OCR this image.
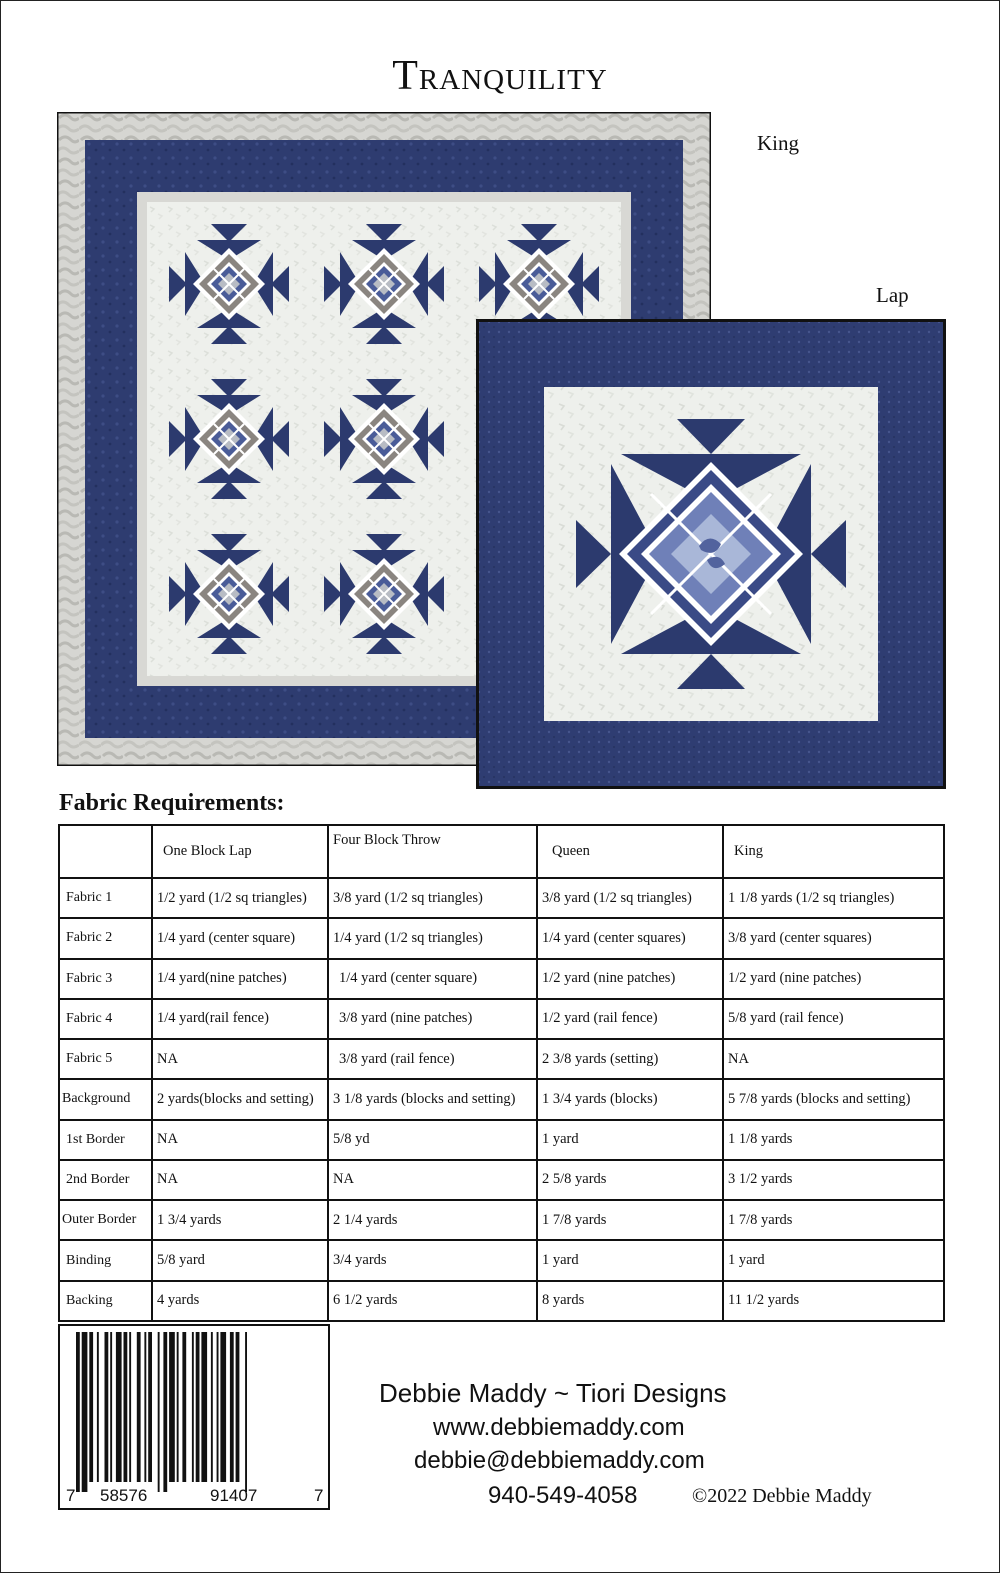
Tranquility
King
Lap
Fabric Requirements:
	One Block Lap	Four Block Throw	Queen	King
Fabric 1	1/2 yard (1/2 sq triangles)	3/8 yard (1/2 sq triangles)	3/8 yard (1/2 sq triangles)	1 1/8 yards (1/2 sq triangles)
Fabric 2	1/4 yard (center square)	1/4 yard (1/2 sq triangles)	1/4 yard (center squares)	3/8 yard (center squares)
Fabric 3	1/4 yard(nine patches)	1/4 yard (center square)	1/2 yard (nine patches)	1/2 yard (nine patches)
Fabric 4	1/4 yard(rail fence)	3/8 yard (nine patches)	1/2 yard (rail fence)	5/8 yard (rail fence)
Fabric 5	NA	3/8 yard (rail fence)	2 3/8 yards (setting)	NA
Background	2 yards(blocks and setting)	3 1/8 yards (blocks and setting)	1 3/4 yards (blocks)	5 7/8 yards (blocks and setting)
1st Border	NA	5/8 yd	1 yard	1 1/8 yards
2nd Border	NA	NA	2 5/8 yards	3 1/2 yards
Outer Border	1 3/4 yards	2 1/4 yards	1 7/8 yards	1 7/8 yards
Binding	5/8 yard	3/4 yards	1 yard	1 yard
Backing	4 yards	6 1/2 yards	8 yards	11 1/2 yards
7 58576	91407	7
Debbie Maddy ~ Tiori Designs
www.debbiemaddy.com
debbie@debbiemaddy.com
940-549-4058	©2022 Debbie Maddy
